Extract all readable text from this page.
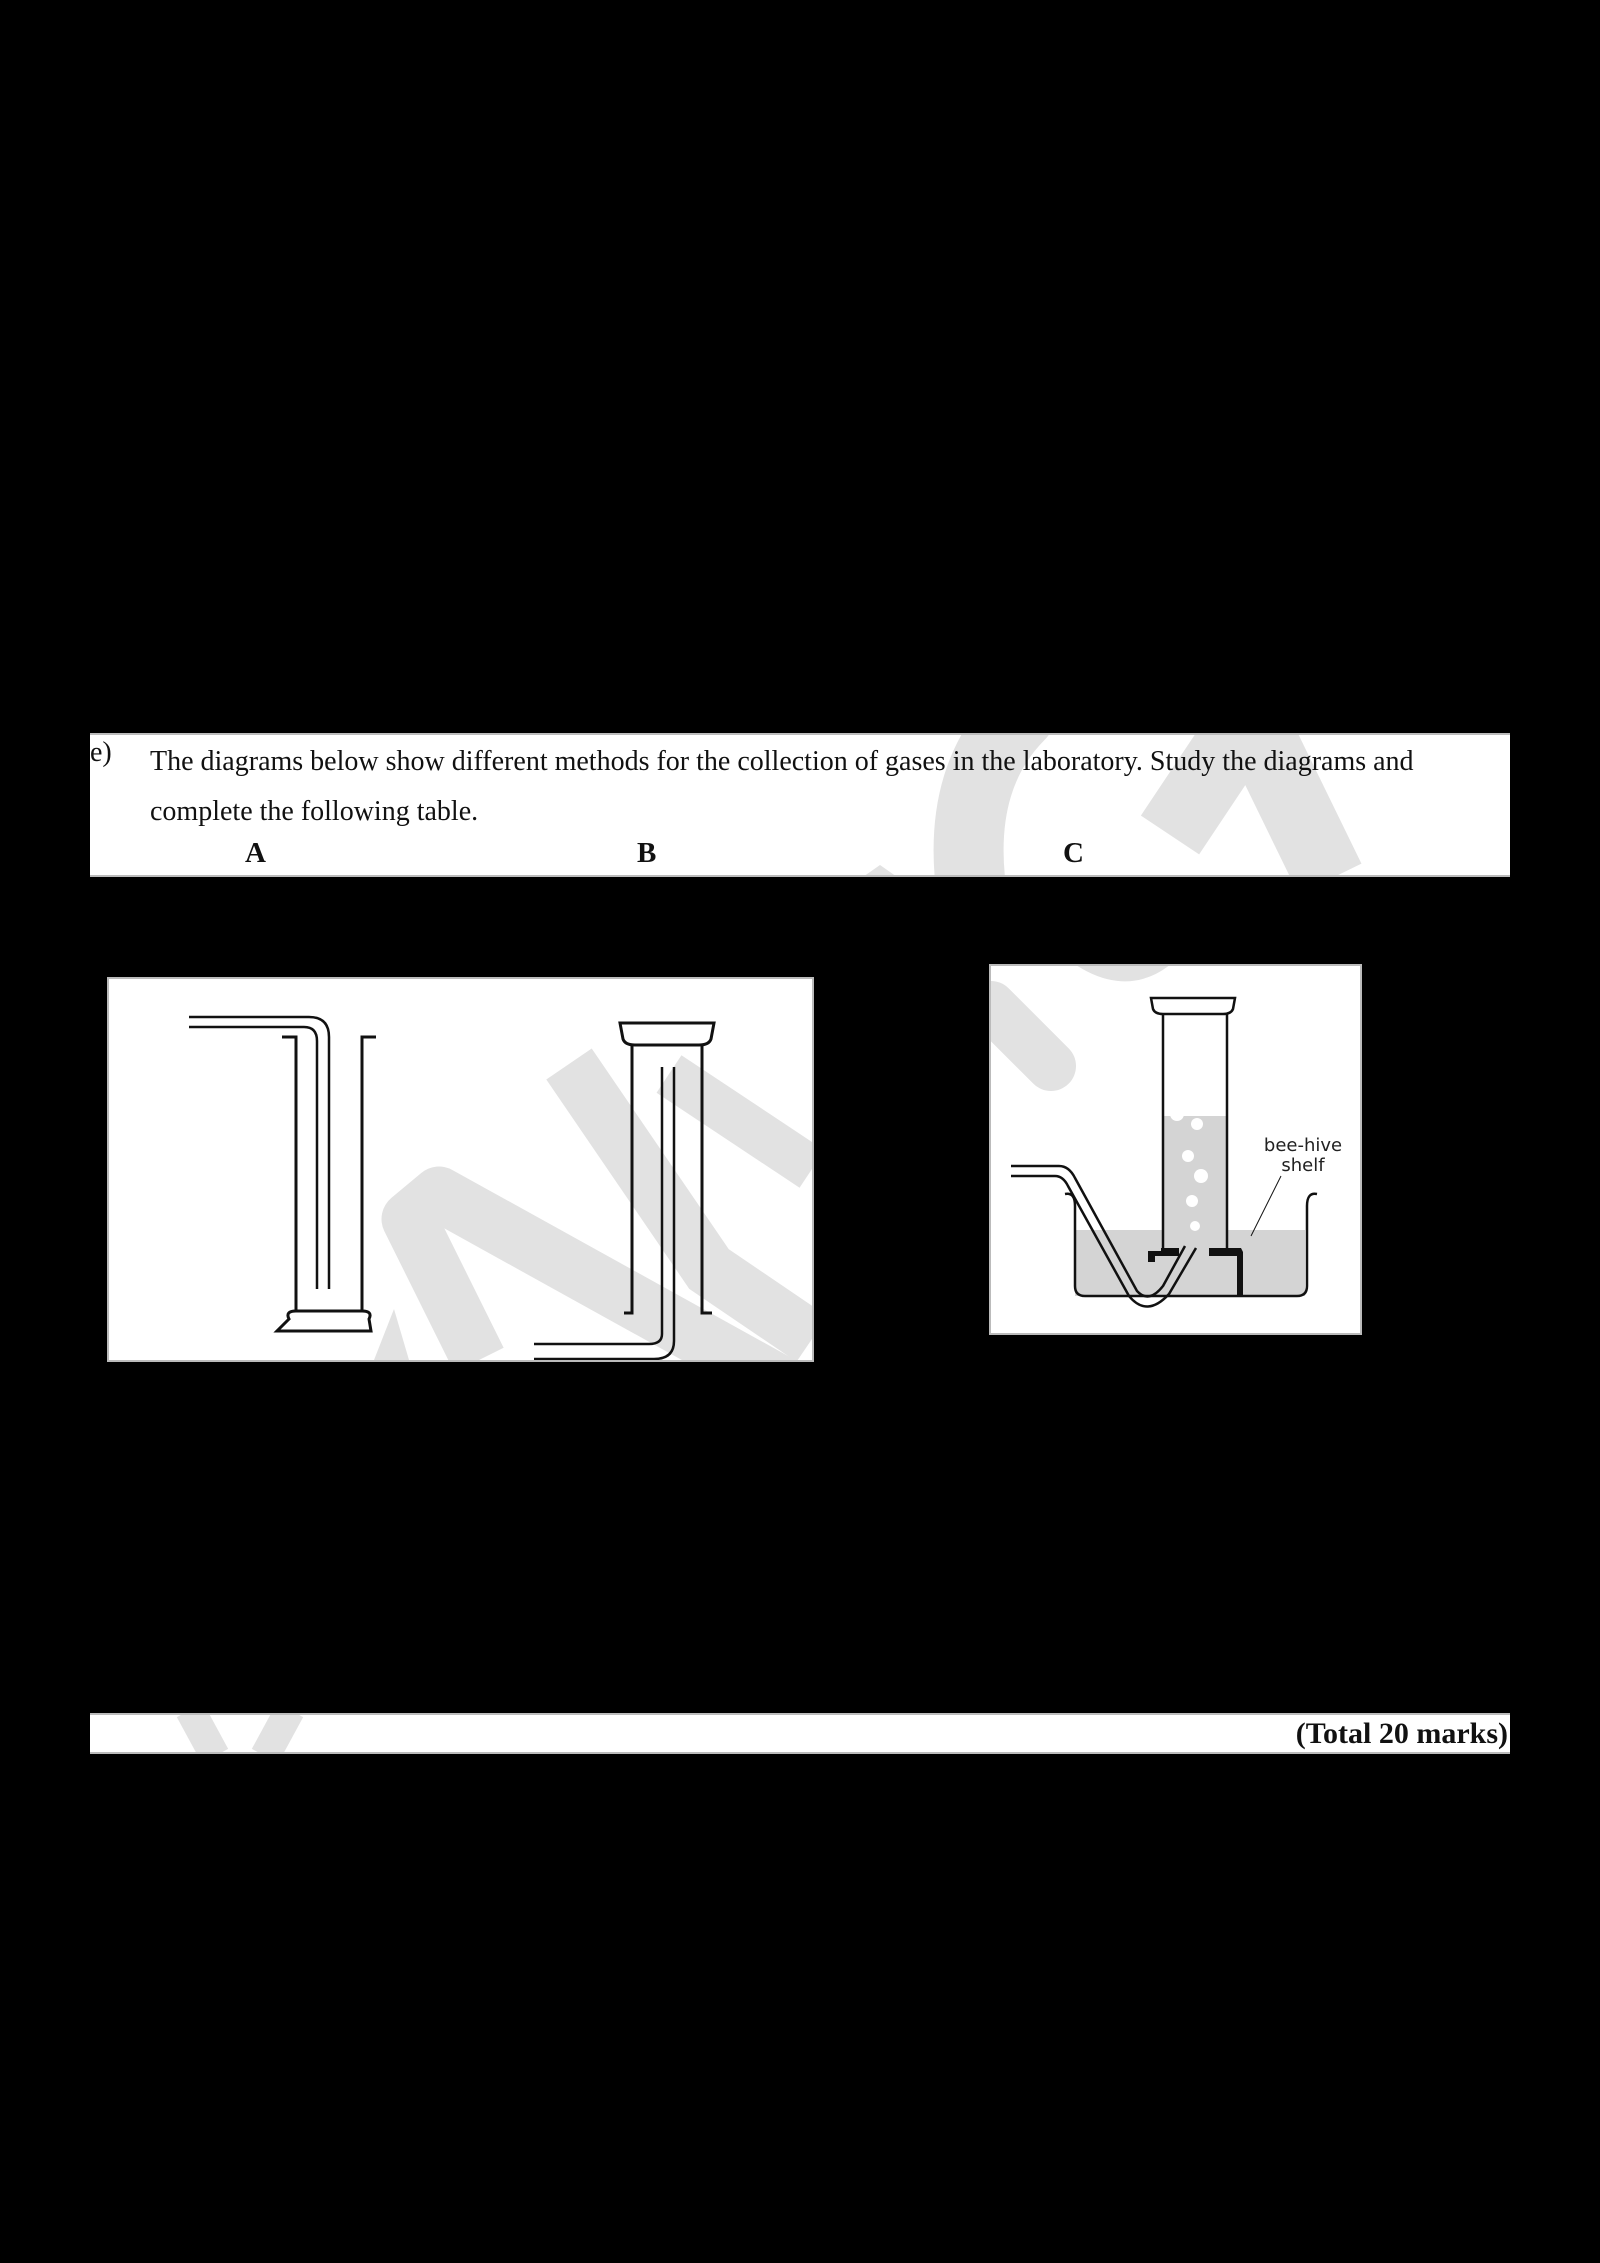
e) The diagrams below show different methods for the collection of gases in the laboratory. Study the diagrams and complete the following table.
A	B	C
bee-hive
shelf
(Total 20 marks)
